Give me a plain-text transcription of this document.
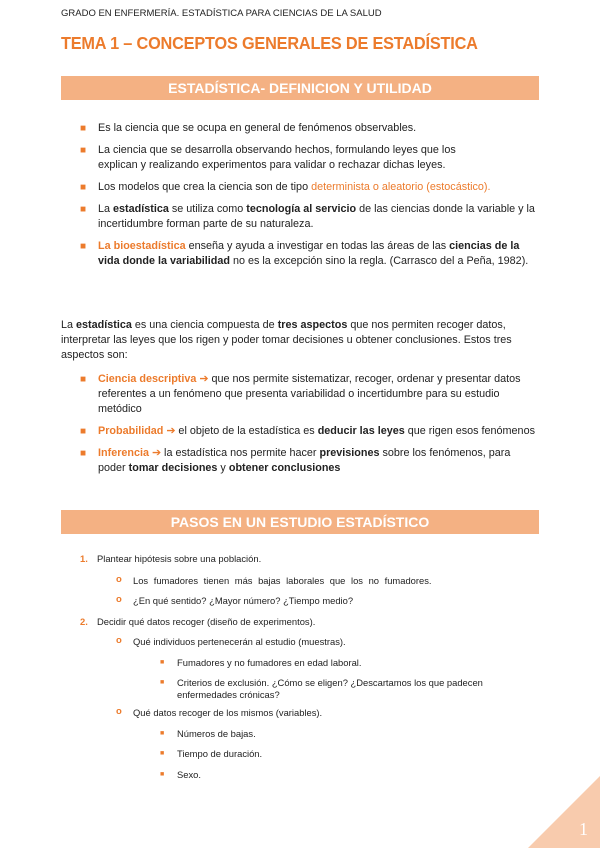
GRADO EN ENFERMERÍA. ESTADÍSTICA PARA CIENCIAS DE LA SALUD
TEMA 1 – CONCEPTOS GENERALES DE ESTADÍSTICA
ESTADÍSTICA- DEFINICION Y UTILIDAD
■ Es la ciencia que se ocupa en general de fenómenos observables.
■ La ciencia que se desarrolla observando hechos, formulando leyes que los
explican y realizando experimentos para validar o rechazar dichas leyes.
■ Los modelos que crea la ciencia son de tipo determinista o aleatorio (estocástico).
■ La estadística se utiliza como tecnología al servicio de las ciencias donde la variable y la incertidumbre forman parte de su naturaleza.
■ La bioestadística enseña y ayuda a investigar en todas las áreas de las ciencias de la vida donde la variabilidad no es la excepción sino la regla. (Carrasco del a Peña, 1982).
La estadística es una ciencia compuesta de tres aspectos que nos permiten recoger datos, interpretar las leyes que los rigen y poder tomar decisiones u obtener conclusiones. Estos tres aspectos son:
■ Ciencia descriptiva ➔ que nos permite sistematizar, recoger, ordenar y presentar datos referentes a un fenómeno que presenta variabilidad o incertidumbre para su estudio metódico
■ Probabilidad ➔ el objeto de la estadística es deducir las leyes que rigen esos fenómenos
■ Inferencia ➔ la estadística nos permite hacer previsiones sobre los fenómenos, para poder tomar decisiones y obtener conclusiones
PASOS EN UN ESTUDIO ESTADÍSTICO
1. Plantear hipótesis sobre una población.
o Los fumadores tienen más bajas laborales que los no fumadores.
o ¿En qué sentido? ¿Mayor número? ¿Tiempo medio?
2. Decidir qué datos recoger (diseño de experimentos).
o Qué individuos pertenecerán al estudio (muestras).
■ Fumadores y no fumadores en edad laboral.
■ Criterios de exclusión. ¿Cómo se eligen? ¿Descartamos los que padecen
enfermedades crónicas?
o Qué datos recoger de los mismos (variables).
■ Números de bajas.
■ Tiempo de duración.
■ Sexo.
1
